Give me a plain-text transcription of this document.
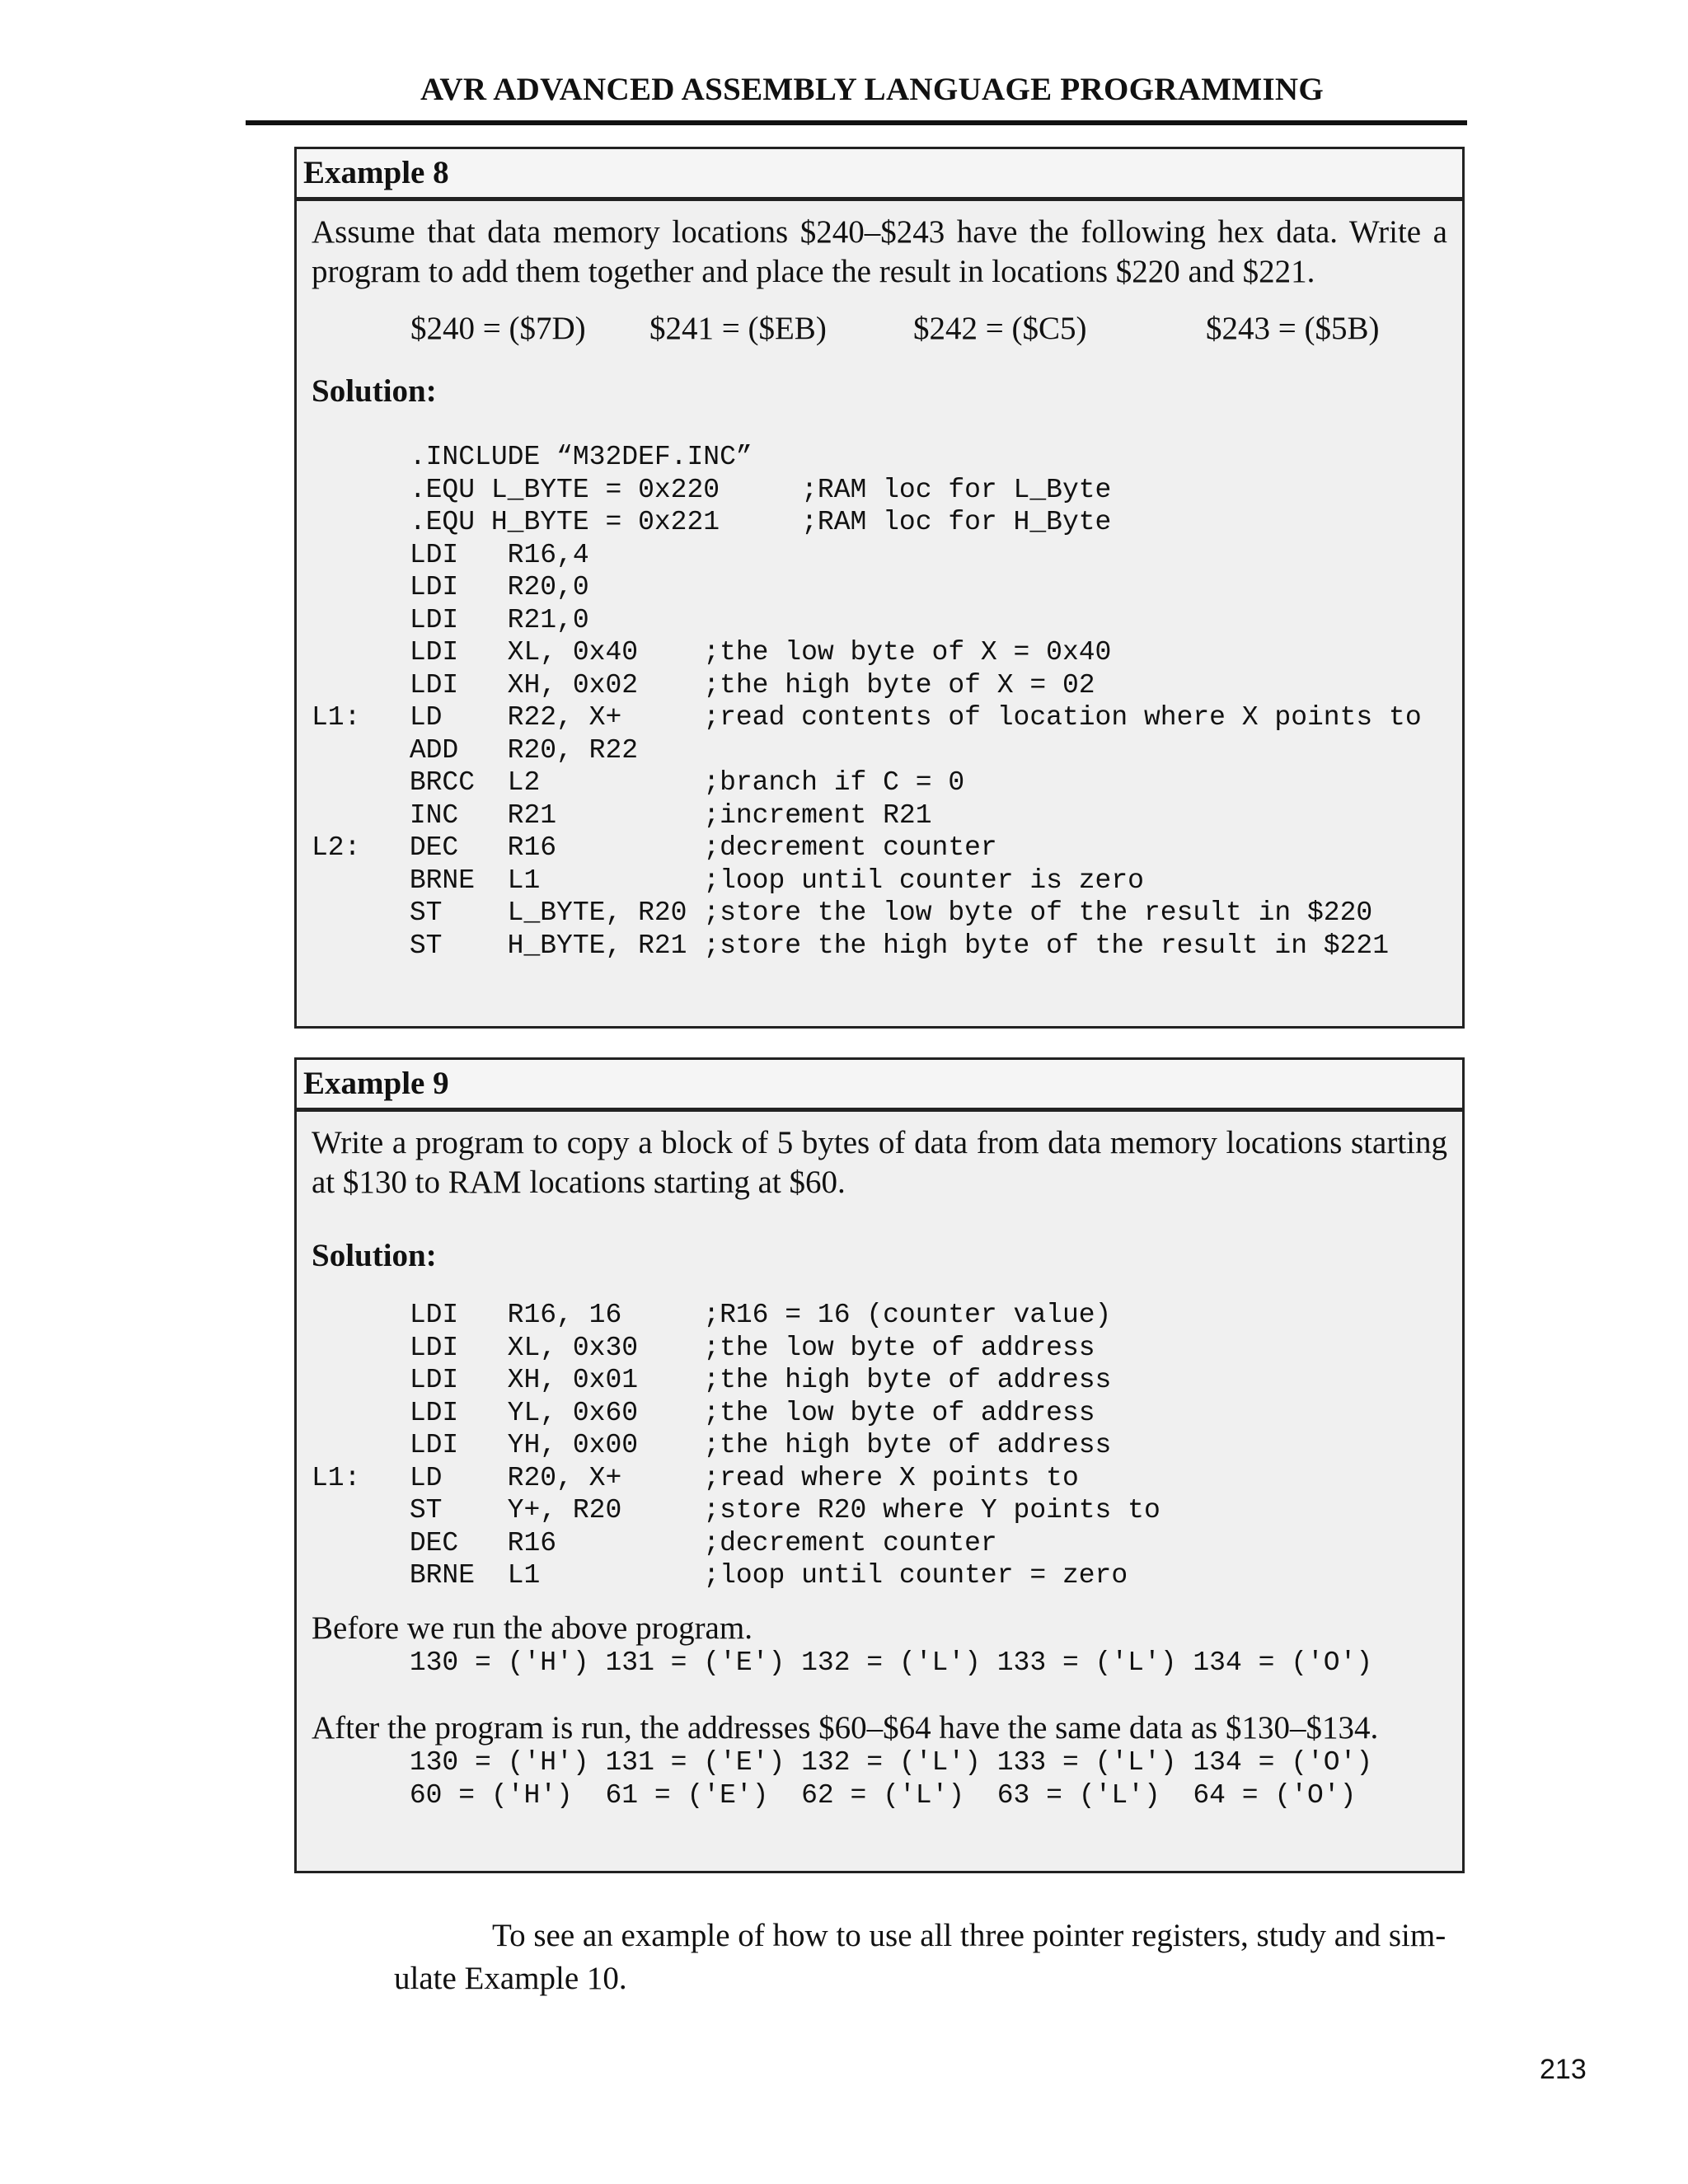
AVR ADVANCED ASSEMBLY LANGUAGE PROGRAMMING
Example 8

Assume that data memory locations $240–$243 have the following hex data. Write a program to add them together and place the result in locations $220 and $221.

$240 = ($7D) $241 = ($EB)	$242 = ($C5)	$243 = ($5B)

Solution:

.INCLUDE “M32DEF.INC”
.EQU L_BYTE = 0x220     ;RAM loc for L_Byte
.EQU H_BYTE = 0x221     ;RAM loc for H_Byte
LDI   R16,4
LDI   R20,0
LDI   R21,0
LDI   XL, 0x40    ;the low byte of X = 0x40
LDI   XH, 0x02    ;the high byte of X = 02
L1:   LD    R22, X+     ;read contents of location where X points to
ADD   R20, R22
BRCC  L2          ;branch if C = 0
INC   R21         ;increment R21
L2:   DEC   R16         ;decrement counter
BRNE  L1          ;loop until counter is zero
ST    L_BYTE, R20 ;store the low byte of the result in $220
ST    H_BYTE, R21 ;store the high byte of the result in $221
Example 9

Write a program to copy a block of 5 bytes of data from data memory locations starting at $130 to RAM locations starting at $60.

Solution:

LDI   R16, 16     ;R16 = 16 (counter value)
LDI   XL, 0x30    ;the low byte of address
LDI   XH, 0x01    ;the high byte of address
LDI   YL, 0x60    ;the low byte of address
LDI   YH, 0x00    ;the high byte of address
L1:   LD    R20, X+     ;read where X points to
ST    Y+, R20     ;store R20 where Y points to
DEC   R16         ;decrement counter
BRNE  L1          ;loop until counter = zero

Before we run the above program.

130 = ('H') 131 = ('E') 132 = ('L') 133 = ('L') 134 = ('O')

After the program is run, the addresses $60–$64 have the same data as $130–$134.

130 = ('H') 131 = ('E') 132 = ('L') 133 = ('L') 134 = ('O')
60 = ('H')  61 = ('E')  62 = ('L')  63 = ('L')  64 = ('O')
To see an example of how to use all three pointer registers, study and sim-
ulate Example 10.
213
